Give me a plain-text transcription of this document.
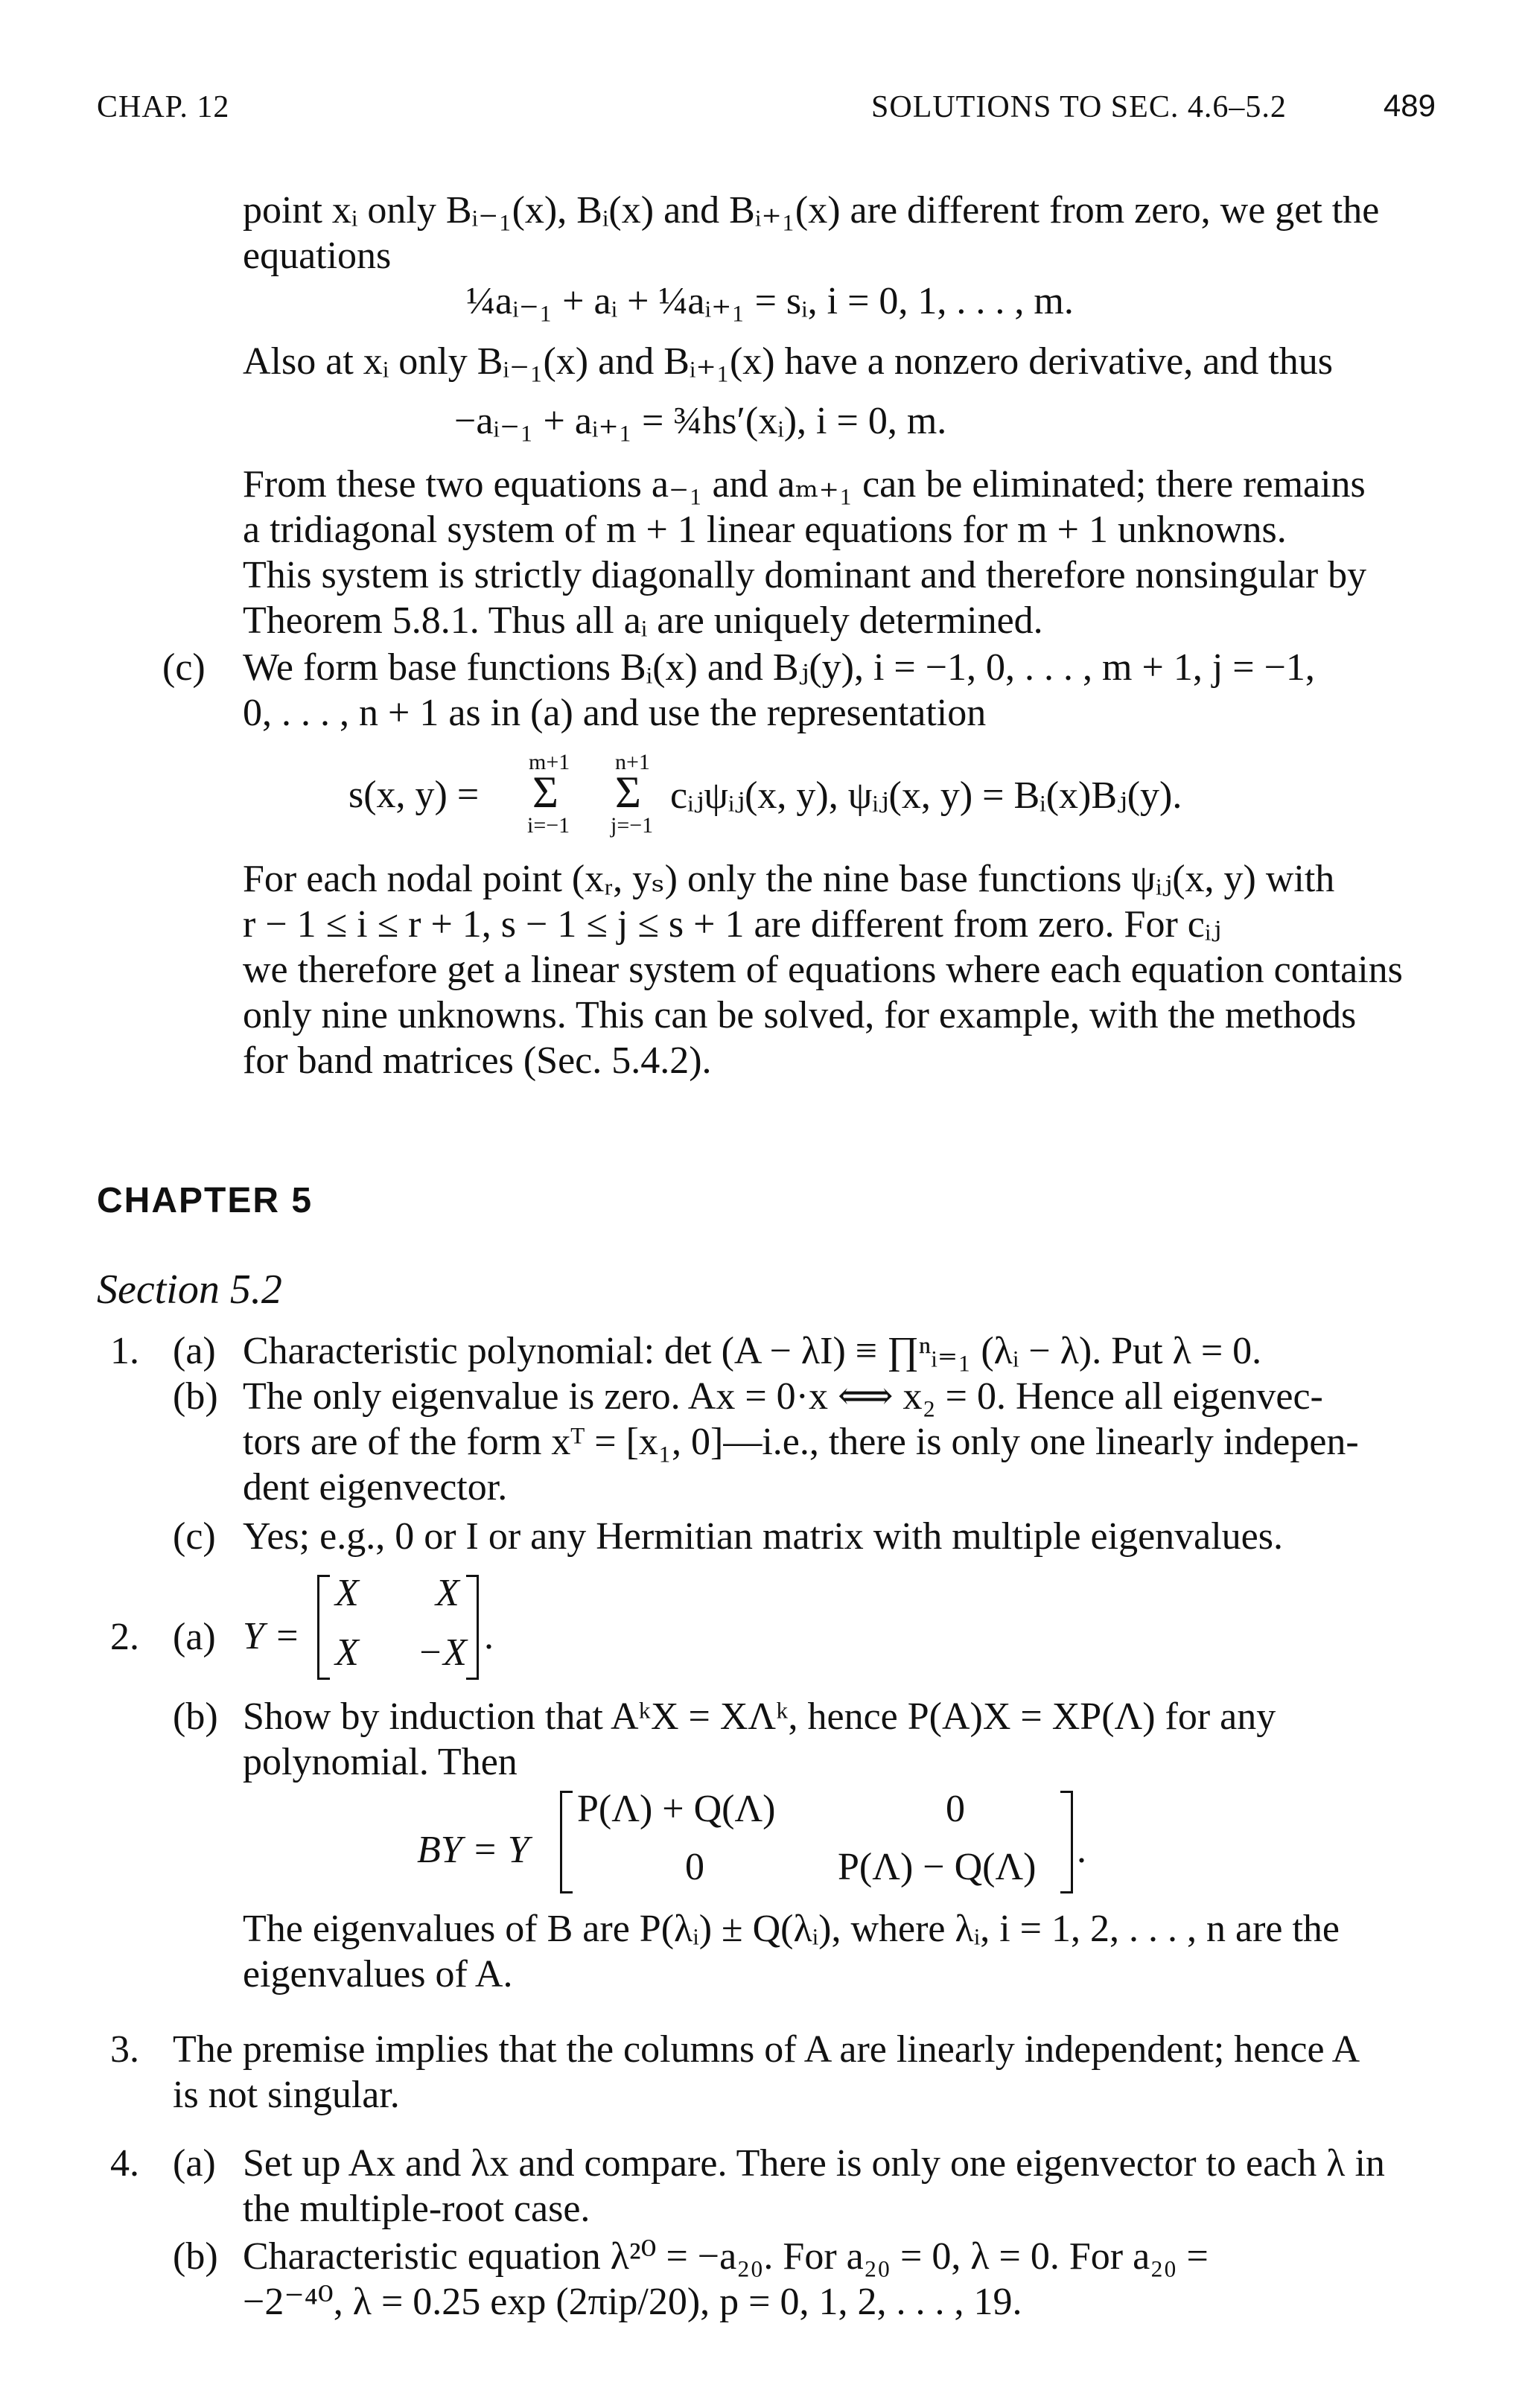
CHAP. 12	SOLUTIONS TO SEC. 4.6–5.2	489
point xᵢ only Bᵢ₋₁(x), Bᵢ(x) and Bᵢ₊₁(x) are different from zero, we get the
equations
¼aᵢ₋₁ + aᵢ + ¼aᵢ₊₁ = sᵢ, i = 0, 1, . . . , m.
Also at xᵢ only Bᵢ₋₁(x) and Bᵢ₊₁(x) have a nonzero derivative, and thus
−aᵢ₋₁ + aᵢ₊₁ = ¾hs′(xᵢ), i = 0, m.
From these two equations a₋₁ and aₘ₊₁ can be eliminated; there remains
a tridiagonal system of m + 1 linear equations for m + 1 unknowns.
This system is strictly diagonally dominant and therefore nonsingular by
Theorem 5.8.1. Thus all aᵢ are uniquely determined.
(c) We form base functions Bᵢ(x) and Bⱼ(y), i = −1, 0, . . . , m + 1, j = −1,
0, . . . , n + 1 as in (a) and use the representation
s(x, y) =
m+1
Σ
i=−1
n+1
Σ
j=−1
cᵢⱼψᵢⱼ(x, y), ψᵢⱼ(x, y) = Bᵢ(x)Bⱼ(y).
For each nodal point (xᵣ, yₛ) only the nine base functions ψᵢⱼ(x, y) with
r − 1 ≤ i ≤ r + 1, s − 1 ≤ j ≤ s + 1 are different from zero. For cᵢⱼ
we therefore get a linear system of equations where each equation contains
only nine unknowns. This can be solved, for example, with the methods
for band matrices (Sec. 5.4.2).
CHAPTER 5
Section 5.2
1. (a) Characteristic polynomial: det (A − λI) ≡ ∏ⁿᵢ₌₁ (λᵢ − λ). Put λ = 0.
(b) The only eigenvalue is zero. Ax = 0·x ⟺ x₂ = 0. Hence all eigenvec-
tors are of the form xᵀ = [x₁, 0]—i.e., there is only one linearly indepen-
dent eigenvector.
(c) Yes; e.g., 0 or I or any Hermitian matrix with multiple eigenvalues.
2. (a) Y =
X X
X −X .
(b) Show by induction that AᵏX = XΛᵏ, hence P(A)X = XP(Λ) for any
polynomial. Then
BY = Y
P(Λ) + Q(Λ)	0
0	P(Λ) − Q(Λ) .
The eigenvalues of B are P(λᵢ) ± Q(λᵢ), where λᵢ, i = 1, 2, . . . , n are the
eigenvalues of A.
3. The premise implies that the columns of A are linearly independent; hence A
is not singular.
4. (a) Set up Ax and λx and compare. There is only one eigenvector to each λ in
the multiple-root case.
(b) Characteristic equation λ²⁰ = −a₂₀. For a₂₀ = 0, λ = 0. For a₂₀ =
−2⁻⁴⁰, λ = 0.25 exp (2πip/20), p = 0, 1, 2, . . . , 19.
